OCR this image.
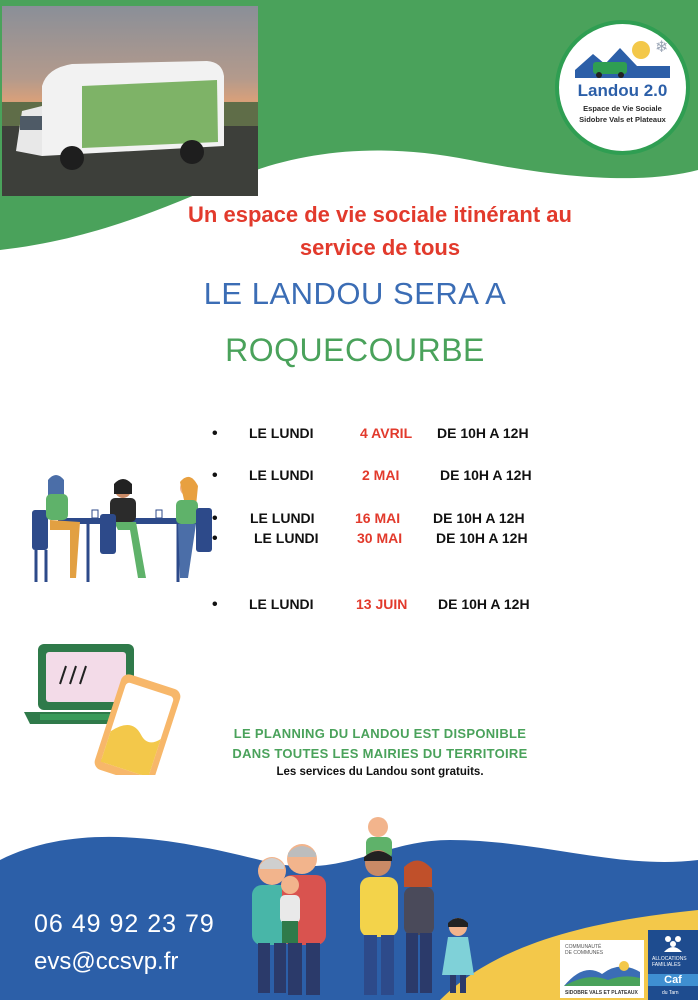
❄
Landou 2.0
Espace de Vie Sociale
Sidobre Vals et Plateaux
Un espace de vie sociale itinérant au
service de tous
LE LANDOU SERA A
ROQUECOURBE
• LE LUNDI	4 AVRIL DE 10H A 12H
• LE LUNDI	2 MAI	DE 10H A 12H
• LE LUNDI	16 MAI DE 10H A 12H
•	LE LUNDI	30 MAI DE 10H A 12H
• LE LUNDI	13 JUIN DE 10H A 12H
LE PLANNING DU LANDOU EST DISPONIBLE
DANS TOUTES LES MAIRIES DU TERRITOIRE
Les services du Landou sont gratuits.
06 49 92 23 79
evs@ccsvp.fr
COMMUNAUTÉ
DE COMMUNES
SIDOBRE VALS ET PLATEAUX
ALLOCATIONS
FAMILIALES
Caf
du Tarn
